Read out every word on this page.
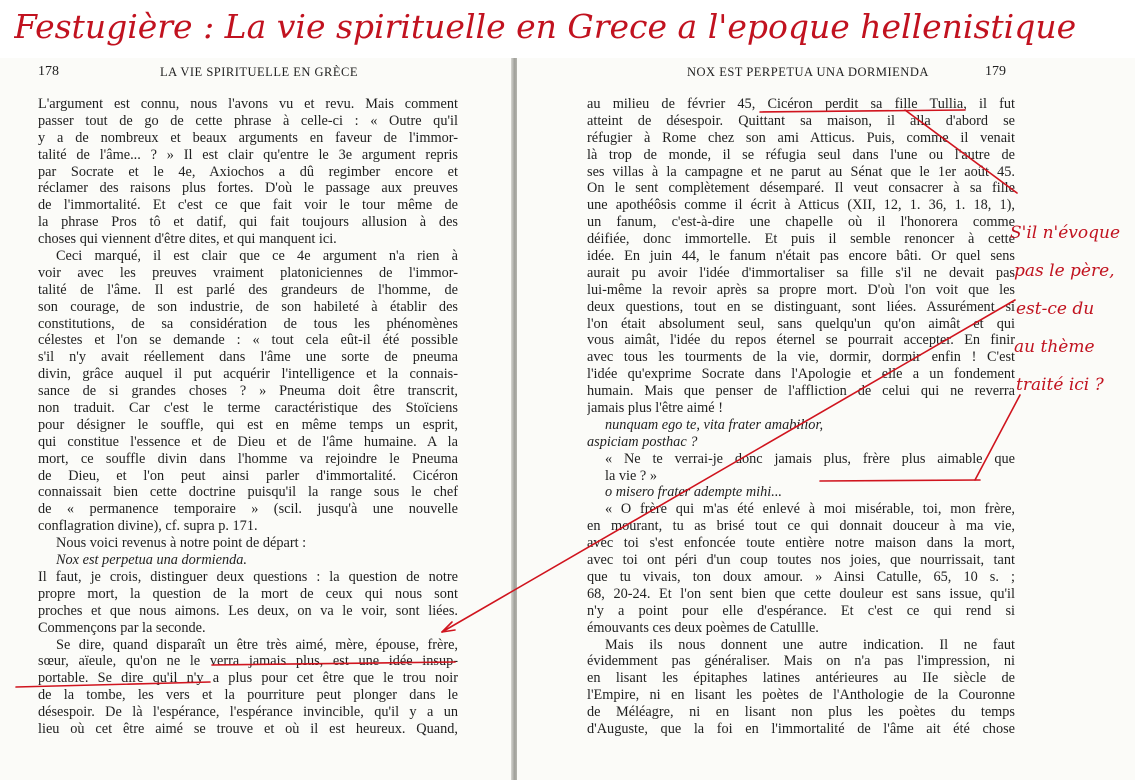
Festugière : La vie spirituelle en Grece a l'epoque hellenistique
178	LA VIE SPIRITUELLE EN GRÈCE
L'argument est connu, nous l'avons vu et revu. Mais comment
passer tout de go de cette phrase à celle-ci : « Outre qu'il
y a de nombreux et beaux arguments en faveur de l'immor-
talité de l'âme... ? » Il est clair qu'entre le 3e argument repris
par Socrate et le 4e, Axiochos a dû regimber encore et
réclamer des raisons plus fortes. D'où le passage aux preuves
de l'immortalité. Et c'est ce que fait voir le tour même de
la phrase Pros tô et datif, qui fait toujours allusion à des
choses qui viennent d'être dites, et qui manquent ici.
Ceci marqué, il est clair que ce 4e argument n'a rien à
voir avec les preuves vraiment platoniciennes de l'immor-
talité de l'âme. Il est parlé des grandeurs de l'homme, de
son courage, de son industrie, de son habileté à établir des
constitutions, de sa considération de tous les phénomènes
célestes et l'on se demande : « tout cela eût-il été possible
s'il n'y avait réellement dans l'âme une sorte de pneuma
divin, grâce auquel il put acquérir l'intelligence et la connais-
sance de si grandes choses ? » Pneuma doit être transcrit,
non traduit. Car c'est le terme caractéristique des Stoïciens
pour désigner le souffle, qui est en même temps un esprit,
qui constitue l'essence et de Dieu et de l'âme humaine. A la
mort, ce souffle divin dans l'homme va rejoindre le Pneuma
de Dieu, et l'on peut ainsi parler d'immortalité. Cicéron
connaissait bien cette doctrine puisqu'il la range sous le chef
de « permanence temporaire » (scil. jusqu'à une nouvelle
conflagration divine), cf. supra p. 171.
Nous voici revenus à notre point de départ :
Nox est perpetua una dormienda.
Il faut, je crois, distinguer deux questions : la question de notre
propre mort, la question de la mort de ceux qui nous sont
proches et que nous aimons. Les deux, on va le voir, sont liées.
Commençons par la seconde.
Se dire, quand disparaît un être très aimé, mère, épouse, frère,
sœur, aïeule, qu'on ne le verra jamais plus, est une idée insup-
portable. Se dire qu'il n'y a plus pour cet être que le trou noir
de la tombe, les vers et la pourriture peut plonger dans le
désespoir. De là l'espérance, l'espérance invincible, qu'il y a un
lieu où cet être aimé se trouve et où il est heureux. Quand,
NOX EST PERPETUA UNA DORMIENDA	179
au milieu de février 45, Cicéron perdit sa fille Tullia, il fut
atteint de désespoir. Quittant sa maison, il alla d'abord se
réfugier à Rome chez son ami Atticus. Puis, comme il venait
là trop de monde, il se réfugia seul dans l'une ou l'autre de
ses villas à la campagne et ne parut au Sénat que le 1er août 45.
On le sent complètement désemparé. Il veut consacrer à sa fille
une apothéôsis comme il écrit à Atticus (XII, 12, 1. 36, 1. 18, 1),
un fanum, c'est-à-dire une chapelle où il l'honorera comme
déifiée, donc immortelle. Et puis il semble renoncer à cette
idée. En juin 44, le fanum n'était pas encore bâti. Or quel sens
aurait pu avoir l'idée d'immortaliser sa fille s'il ne devait pas
lui-même la revoir après sa propre mort. D'où l'on voit que les
deux questions, tout en se distinguant, sont liées. Assurément si
l'on était absolument seul, sans quelqu'un qu'on aimât et qui
vous aimât, l'idée du repos éternel se pourrait accepter. En finir
avec tous les tourments de la vie, dormir, dormir enfin ! C'est
l'idée qu'exprime Socrate dans l'Apologie et elle a un fondement
humain. Mais que penser de l'affliction de celui qui ne reverra
jamais plus l'être aimé !
nunquam ego te, vita frater amabilior,
aspiciam posthac ?
« Ne te verrai-je donc jamais plus, frère plus aimable que
la vie ? »
o misero frater adempte mihi...
« O frère qui m'as été enlevé à moi misérable, toi, mon frère,
en mourant, tu as brisé tout ce qui donnait douceur à ma vie,
avec toi s'est enfoncée toute entière notre maison dans la mort,
avec toi ont péri d'un coup toutes nos joies, que nourrissait, tant
que tu vivais, ton doux amour. » Ainsi Catulle, 65, 10 s. ;
68, 20-24. Et l'on sent bien que cette douleur est sans issue, qu'il
n'y a point pour elle d'espérance. Et c'est ce qui rend si
émouvants ces deux poèmes de Catullle.
Mais ils nous donnent une autre indication. Il ne faut
évidemment pas généraliser. Mais on n'a pas l'impression, ni
en lisant les épitaphes latines antérieures au IIe siècle de
l'Empire, ni en lisant les poètes de l'Anthologie de la Couronne
de Méléagre, ni en lisant non plus les poètes du temps
d'Auguste, que la foi en l'immortalité de l'âme ait été chose
S'il n'évoque
pas le père,
est-ce du
au thème
traité ici ?
